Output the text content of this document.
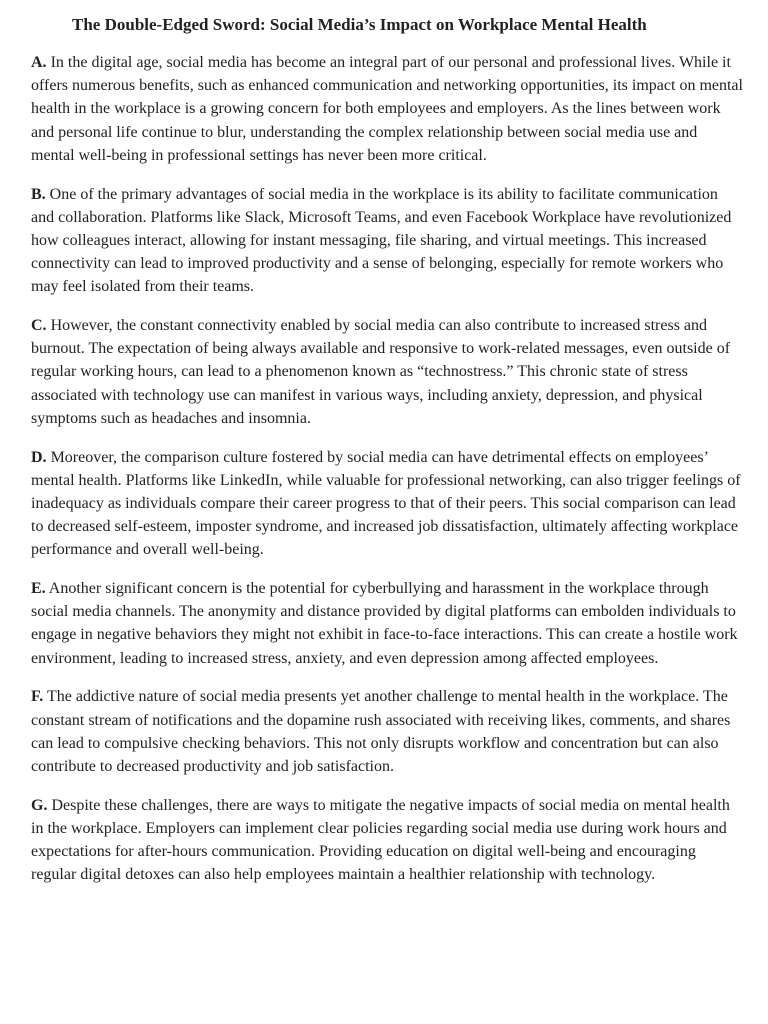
The Double-Edged Sword: Social Media’s Impact on Workplace Mental Health

A. In the digital age, social media has become an integral part of our personal and professional lives. While it offers numerous benefits, such as enhanced communication and networking opportunities, its impact on mental health in the workplace is a growing concern for both employees and employers. As the lines between work and personal life continue to blur, understanding the complex relationship between social media use and mental well-being in professional settings has never been more critical.

B. One of the primary advantages of social media in the workplace is its ability to facilitate communication and collaboration. Platforms like Slack, Microsoft Teams, and even Facebook Workplace have revolutionized how colleagues interact, allowing for instant messaging, file sharing, and virtual meetings. This increased connectivity can lead to improved productivity and a sense of belonging, especially for remote workers who may feel isolated from their teams.

C. However, the constant connectivity enabled by social media can also contribute to increased stress and burnout. The expectation of being always available and responsive to work-related messages, even outside of regular working hours, can lead to a phenomenon known as “technostress.” This chronic state of stress associated with technology use can manifest in various ways, including anxiety, depression, and physical symptoms such as headaches and insomnia.

D. Moreover, the comparison culture fostered by social media can have detrimental effects on employees’ mental health. Platforms like LinkedIn, while valuable for professional networking, can also trigger feelings of inadequacy as individuals compare their career progress to that of their peers. This social comparison can lead to decreased self-esteem, imposter syndrome, and increased job dissatisfaction, ultimately affecting workplace performance and overall well-being.

E. Another significant concern is the potential for cyberbullying and harassment in the workplace through social media channels. The anonymity and distance provided by digital platforms can embolden individuals to engage in negative behaviors they might not exhibit in face-to-face interactions. This can create a hostile work environment, leading to increased stress, anxiety, and even depression among affected employees.

F. The addictive nature of social media presents yet another challenge to mental health in the workplace. The constant stream of notifications and the dopamine rush associated with receiving likes, comments, and shares can lead to compulsive checking behaviors. This not only disrupts workflow and concentration but can also contribute to decreased productivity and job satisfaction.

G. Despite these challenges, there are ways to mitigate the negative impacts of social media on mental health in the workplace. Employers can implement clear policies regarding social media use during work hours and expectations for after-hours communication. Providing education on digital well-being and encouraging regular digital detoxes can also help employees maintain a healthier relationship with technology.
